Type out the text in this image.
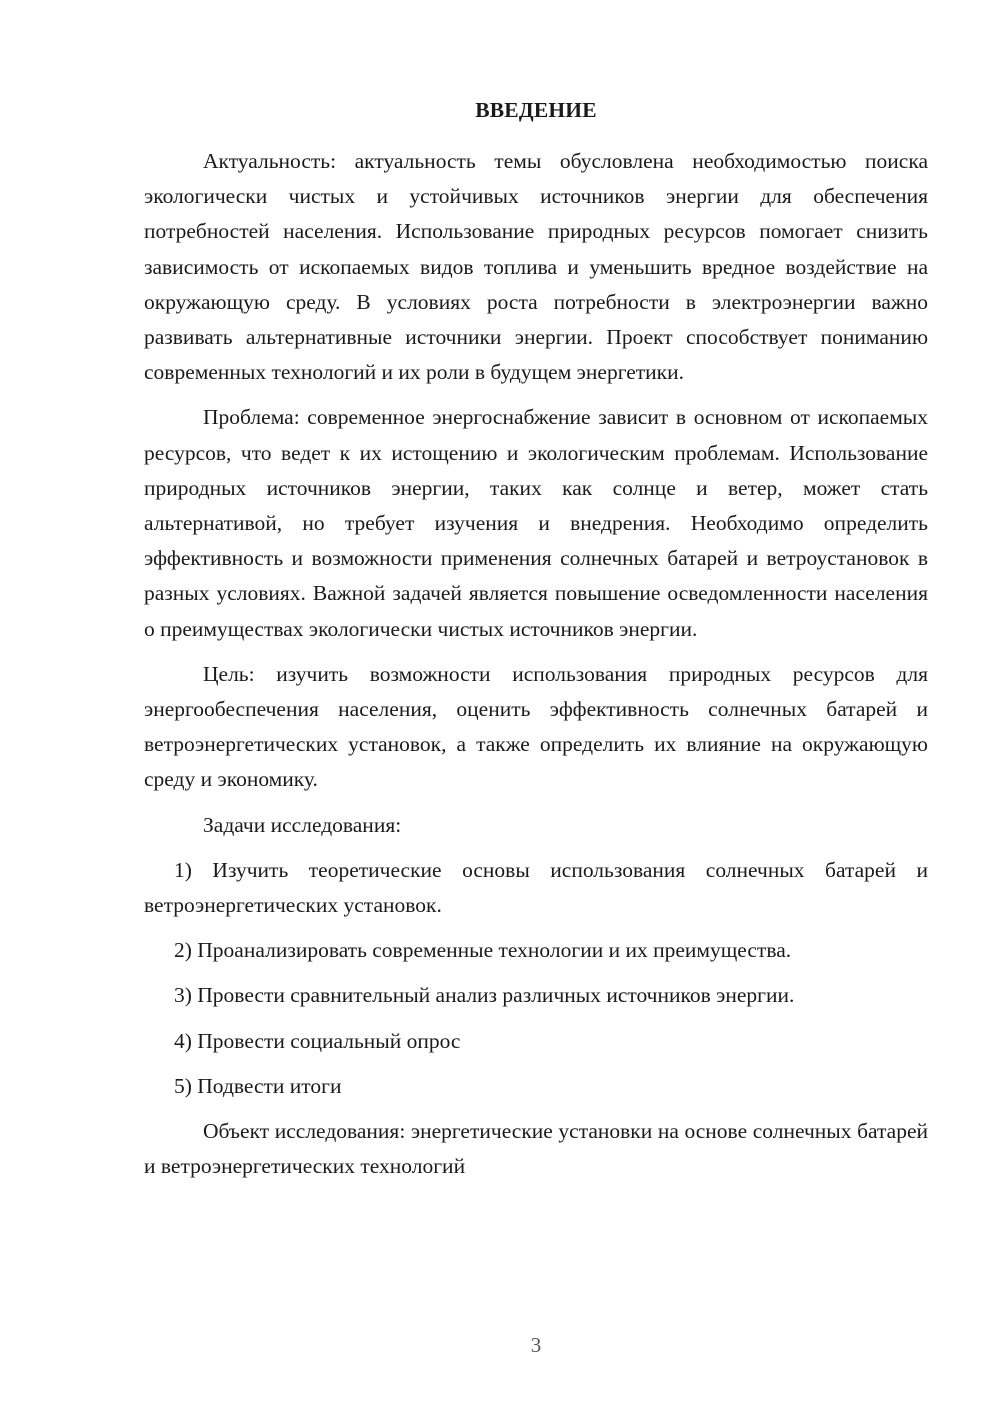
ВВЕДЕНИЕ

Актуальность: актуальность темы обусловлена необходимостью поиска экологически чистых и устойчивых источников энергии для обеспечения потребностей населения. Использование природных ресурсов помогает снизить зависимость от ископаемых видов топлива и уменьшить вредное воздействие на окружающую среду. В условиях роста потребности в электроэнергии важно развивать альтернативные источники энергии. Проект способствует пониманию современных технологий и их роли в будущем энергетики.

Проблема: современное энергоснабжение зависит в основном от ископаемых ресурсов, что ведет к их истощению и экологическим проблемам. Использование природных источников энергии, таких как солнце и ветер, может стать альтернативой, но требует изучения и внедрения. Необходимо определить эффективность и возможности применения солнечных батарей и ветроустановок в разных условиях. Важной задачей является повышение осведомленности населения о преимуществах экологически чистых источников энергии.

Цель: изучить возможности использования природных ресурсов для энергообеспечения населения, оценить эффективность солнечных батарей и ветроэнергетических установок, а также определить их влияние на окружающую среду и экономику.

Задачи исследования:

1) Изучить теоретические основы использования солнечных батарей и ветроэнергетических установок.

2) Проанализировать современные технологии и их преимущества.

3) Провести сравнительный анализ различных источников энергии.

4) Провести социальный опрос

5) Подвести итоги

Объект исследования: энергетические установки на основе солнечных батарей и ветроэнергетических технологий

3
